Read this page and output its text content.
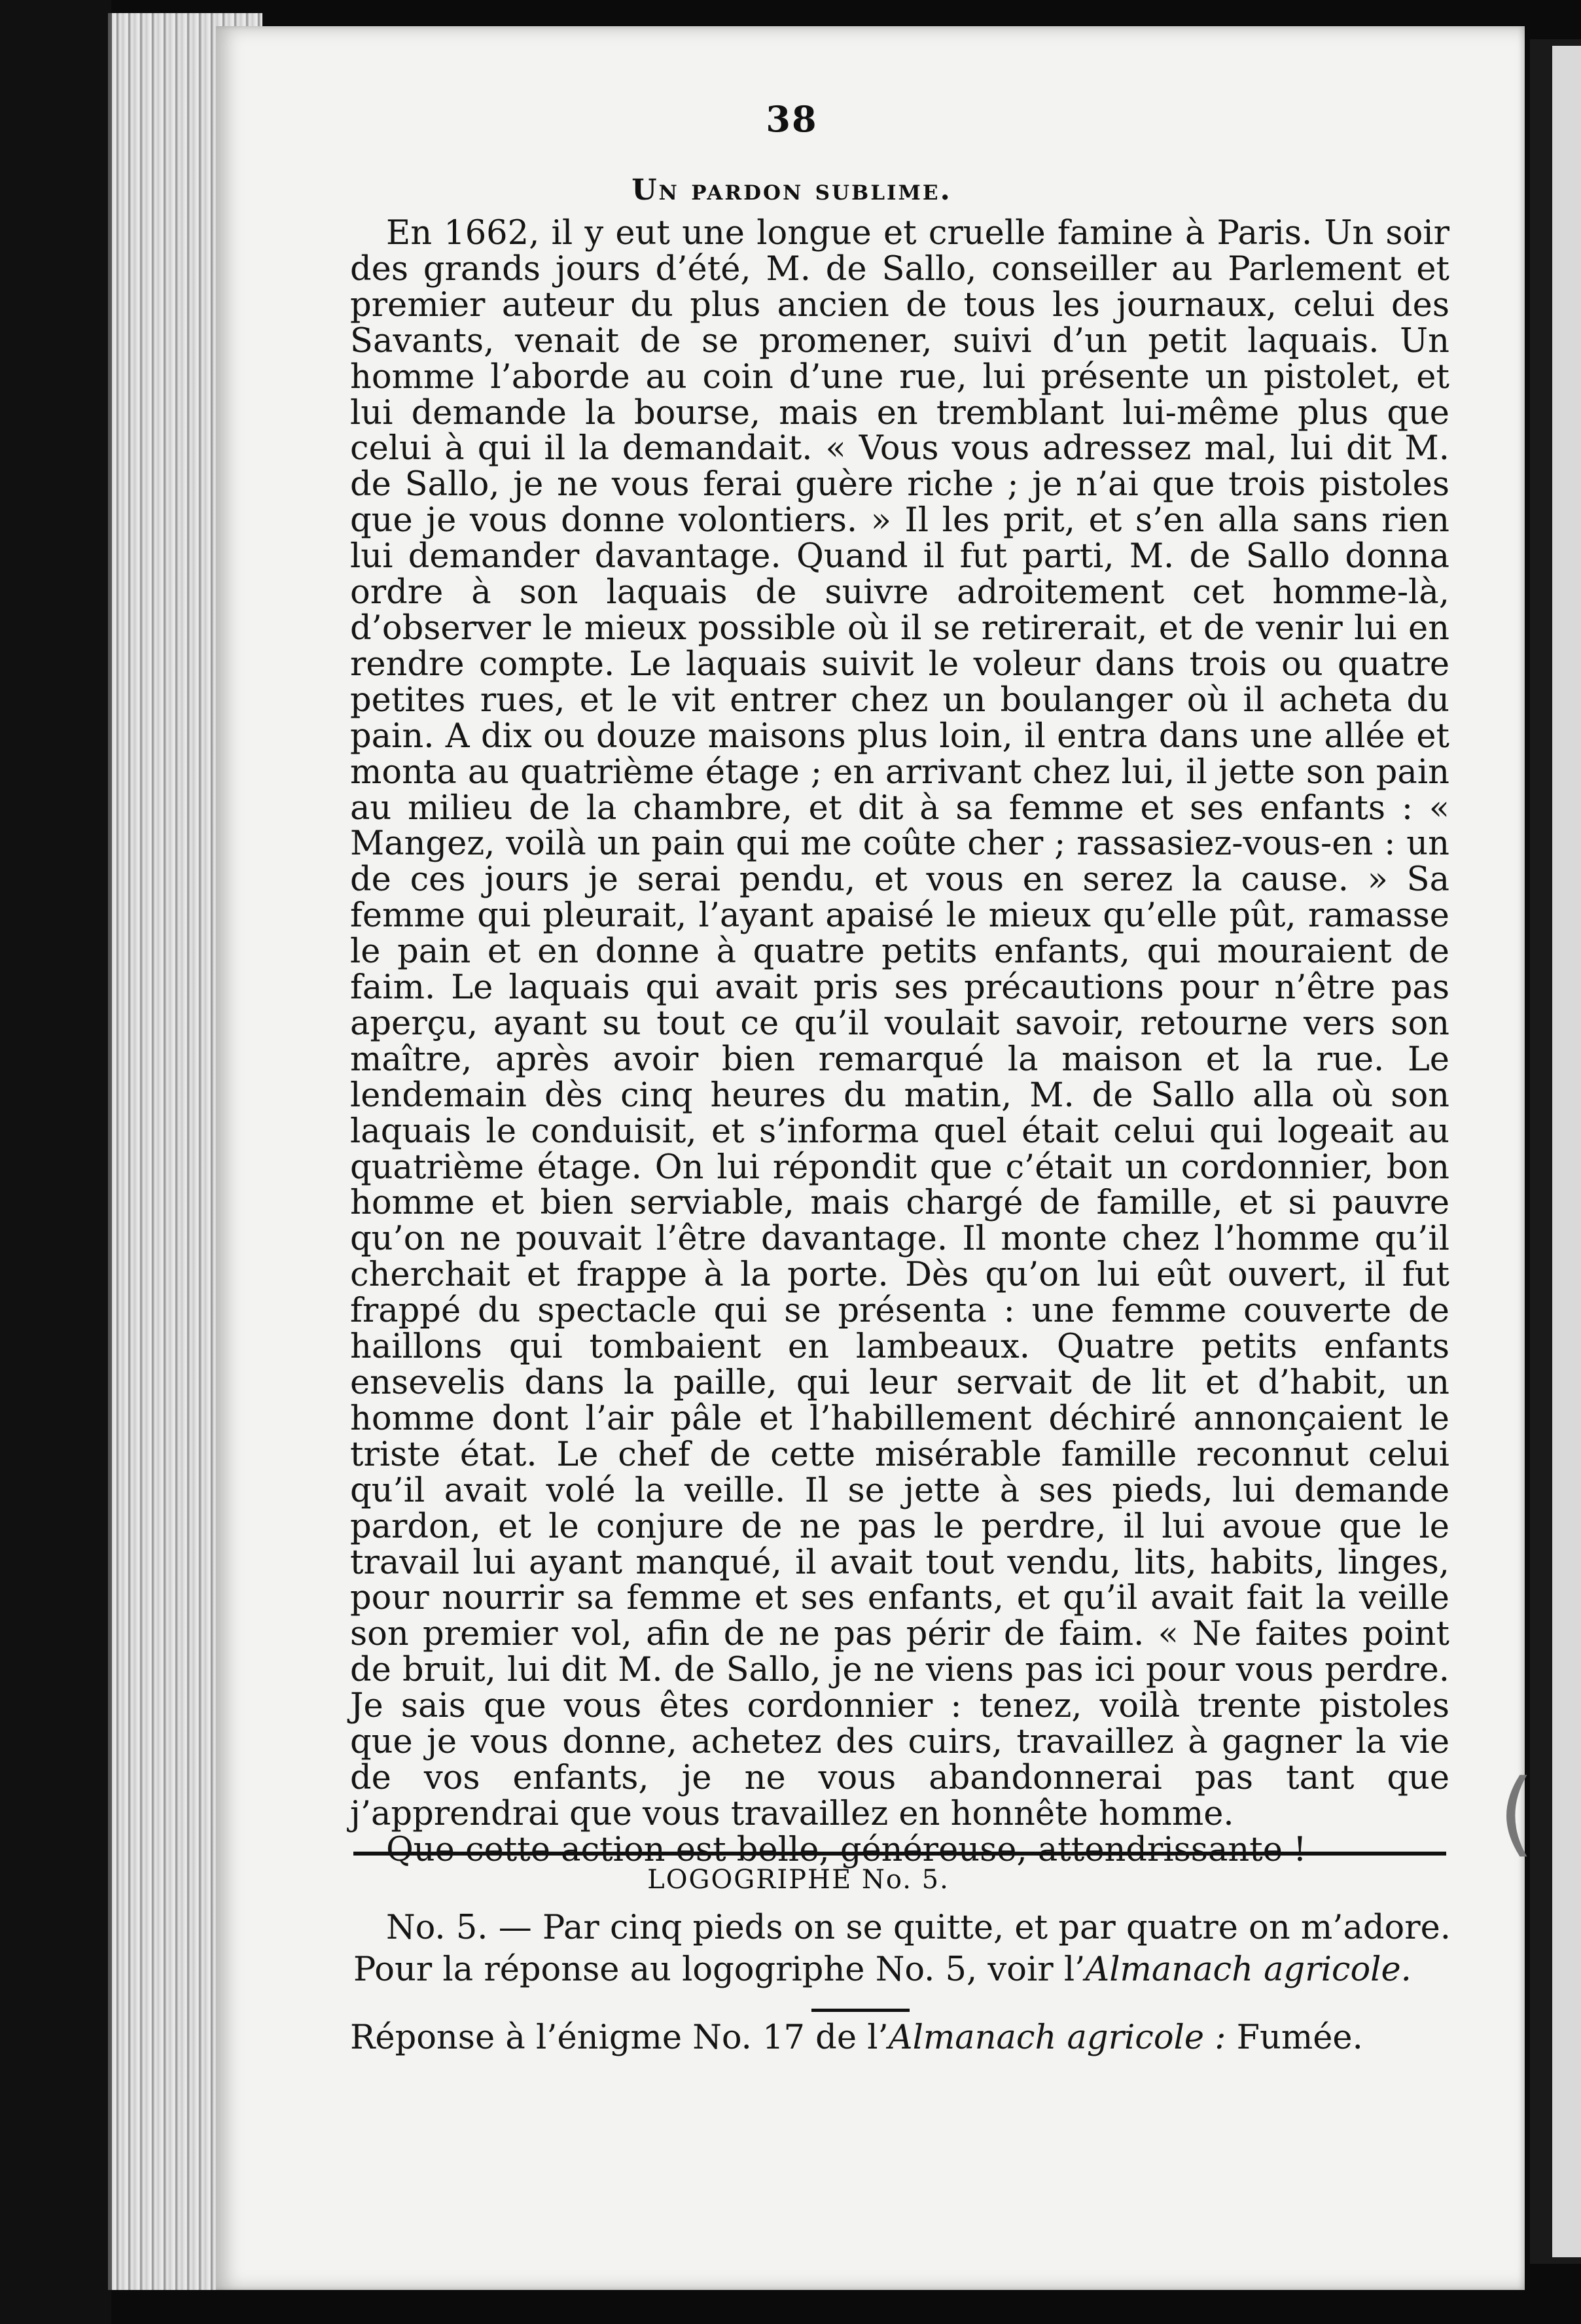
38
Un pardon sublime.

En 1662, il y eut une longue et cruelle famine à Paris. Un soir des grands jours d’été, M. de Sallo, conseiller au Parlement et premier auteur du plus ancien de tous les journaux, celui des Savants, venait de se promener, suivi d’un petit laquais. Un homme l’aborde au coin d’une rue, lui présente un pistolet, et lui demande la bourse, mais en tremblant lui-même plus que celui à qui il la demandait. « Vous vous adressez mal, lui dit M. de Sallo, je ne vous ferai guère riche ; je n’ai que trois pistoles que je vous donne volontiers. » Il les prit, et s’en alla sans rien lui demander davantage. Quand il fut parti, M. de Sallo donna ordre à son laquais de suivre adroitement cet homme-là, d’observer le mieux possible où il se retirerait, et de venir lui en rendre compte. Le laquais suivit le voleur dans trois ou quatre petites rues, et le vit entrer chez un boulanger où il acheta du pain. A dix ou douze maisons plus loin, il entra dans une allée et monta au quatrième étage ; en arrivant chez lui, il jette son pain au milieu de la chambre, et dit à sa femme et ses enfants : « Mangez, voilà un pain qui me coûte cher ; rassasiez-vous-en : un de ces jours je serai pendu, et vous en serez la cause. » Sa femme qui pleurait, l’ayant apaisé le mieux qu’elle pût, ramasse le pain et en donne à quatre petits enfants, qui mouraient de faim. Le laquais qui avait pris ses précautions pour n’être pas aperçu, ayant su tout ce qu’il voulait savoir, retourne vers son maître, après avoir bien remarqué la maison et la rue. Le lendemain dès cinq heures du matin, M. de Sallo alla où son laquais le conduisit, et s’informa quel était celui qui logeait au quatrième étage. On lui répondit que c’était un cordonnier, bon homme et bien serviable, mais chargé de famille, et si pauvre qu’on ne pouvait l’être davantage. Il monte chez l’homme qu’il cherchait et frappe à la porte. Dès qu’on lui eût ouvert, il fut frappé du spectacle qui se présenta : une femme couverte de haillons qui tombaient en lambeaux. Quatre petits enfants ensevelis dans la paille, qui leur servait de lit et d’habit, un homme dont l’air pâle et l’habillement déchiré annonçaient le triste état. Le chef de cette misérable famille reconnut celui qu’il avait volé la veille. Il se jette à ses pieds, lui demande pardon, et le conjure de ne pas le perdre, il lui avoue que le travail lui ayant manqué, il avait tout vendu, lits, habits, linges, pour nourrir sa femme et ses enfants, et qu’il avait fait la veille son premier vol, afin de ne pas périr de faim. « Ne faites point de bruit, lui dit M. de Sallo, je ne viens pas ici pour vous perdre. Je sais que vous êtes cordonnier : tenez, voilà trente pistoles que je vous donne, achetez des cuirs, travaillez à gagner la vie de vos enfants, je ne vous abandonnerai pas tant que j’apprendrai que vous travaillez en honnête homme.

Que cette action est belle, généreuse, attendrissante !	(
LOGOGRIPHE No. 5.

No. 5. — Par cinq pieds on se quitte, et par quatre on m’adore.

Pour la réponse au logogriphe No. 5, voir l’Almanach agricole.

Réponse à l’énigme No. 17 de l’Almanach agricole : Fumée.
